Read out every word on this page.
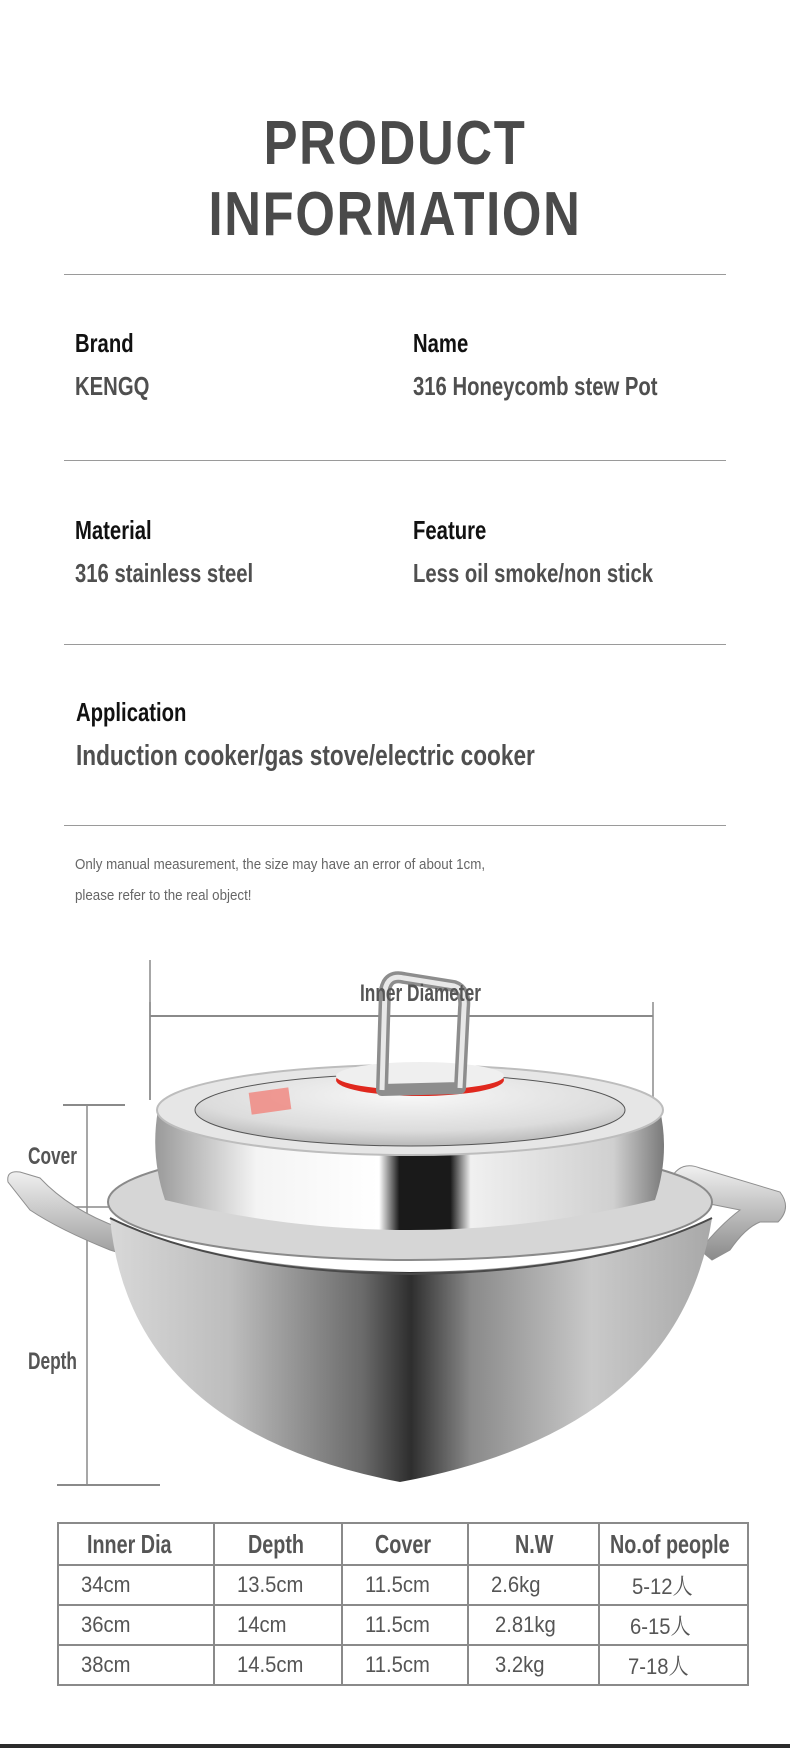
PRODUCT INFORMATION
Brand
KENGQ
Name
316 Honeycomb stew Pot
Material
316 stainless steel
Feature
Less oil smoke/non stick
Application
Induction cooker/gas stove/electric cooker
Only manual measurement, the size may have an error of about 1cm,
please refer to the real object!
Inner Diameter
Cover
Depth
Inner Dia	Depth	Cover	N.W	No.of people
34cm	13.5cm	11.5cm	2.6kg	5-12人
36cm	14cm	11.5cm	2.81kg	6-15人
38cm	14.5cm	11.5cm	3.2kg	7-18人
